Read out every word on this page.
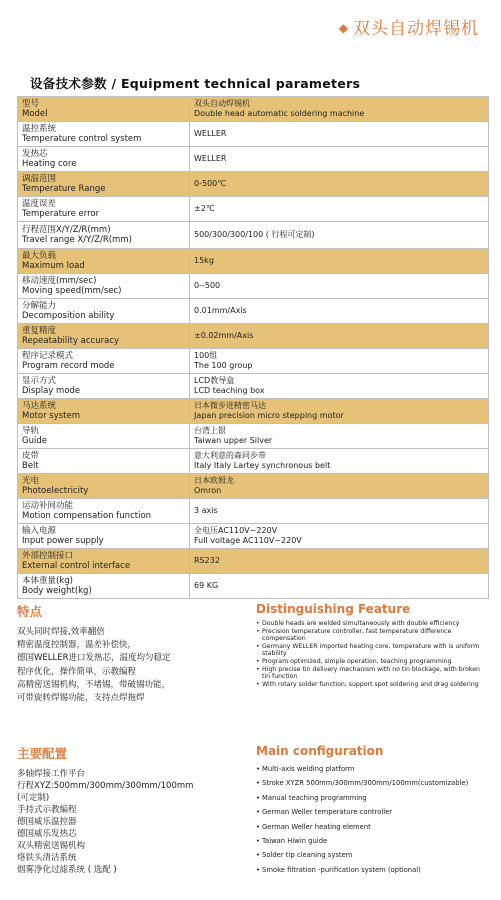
◆ 双头自动焊锡机
设备技术参数 / Equipment technical parameters
型号
Model	双头自动焊锡机
Double head automatic soldering machine

温控系统
Temperature control system	WELLER

发热芯
Heating core	WELLER

调温范围
Temperature Range	0-500℃

温度误差
Temperature error	±2℃

行程范围X/Y/Z/R(mm)
Travel range X/Y/Z/R(mm)	500/300/300/100 ( 行程可定制)

最大负载
Maximum load	15kg

移动速度(mm/sec)
Moving speed(mm/sec)	0--500

分解能力
Decomposition ability	0.01mm/Axis

重复精度
Repeatability accuracy	±0.02mm/Axis

程序记录模式
Program record mode	100组
The 100 group

显示方式
Display mode	LCD教导盒
LCD teaching box

马达系统
Motor system	日本微步进精密马达
Japan precision micro stepping motor

导轨
Guide	台湾上银
Taiwan upper Silver

皮带
Belt	意大利意的森同步带
Italy Italy Lartey synchronous belt

光电
Photoelectricity	日本欧姆龙
Omron

运动补间功能
Motion compensation function	3 axis

输入电源
Input power supply	全电压AC110V~220V
Full voltage AC110V~220V

外部控制接口
External control interface	RS232

本体重量(kg)
Body weight(kg)	69 KG
特点
双头同时焊接,效率翻倍
精密温度控制器，温差补偿快，
德国WELLER进口发热芯，温度均匀稳定
程序优化，操作简单，示教编程
高精密送锡机构，不堵锡，带破锡功能，
可带旋转焊锡功能，支持点焊拖焊
Distinguishing Feature
• Double heads are welded simultaneously with double efficiency
• Precision temperature controller, fast temperature difference compensation
• Germany WELLER imported heating core, temperature with is uniform stability
• Program optimized, simple operation, teaching programming
• High precise tin delivery mechanism with no tin blockage, with broken tin function
• With rotary solder function, support spot soldering and drag soldering
主要配置
多轴焊接工作平台
行程XYZ:500mm/300mm/300mm/100mm
(可定制)
手持式示教编程
德国威乐温控器
德国威乐发热芯
双头精密送锡机构
烙铁头清洁系统
烟雾净化过滤系统 ( 选配 )
Main configuration
• Multi-axis welding platform
• Stroke XYZR 500mm/300mm/300mm/100mm(customizable)
• Manual teaching programming
• German Weller temperature controller
• German Weller heating element
• Taiwan Hiwin guide
• Solder tip cleaning system
• Smoke filtration -purification system (optional)
